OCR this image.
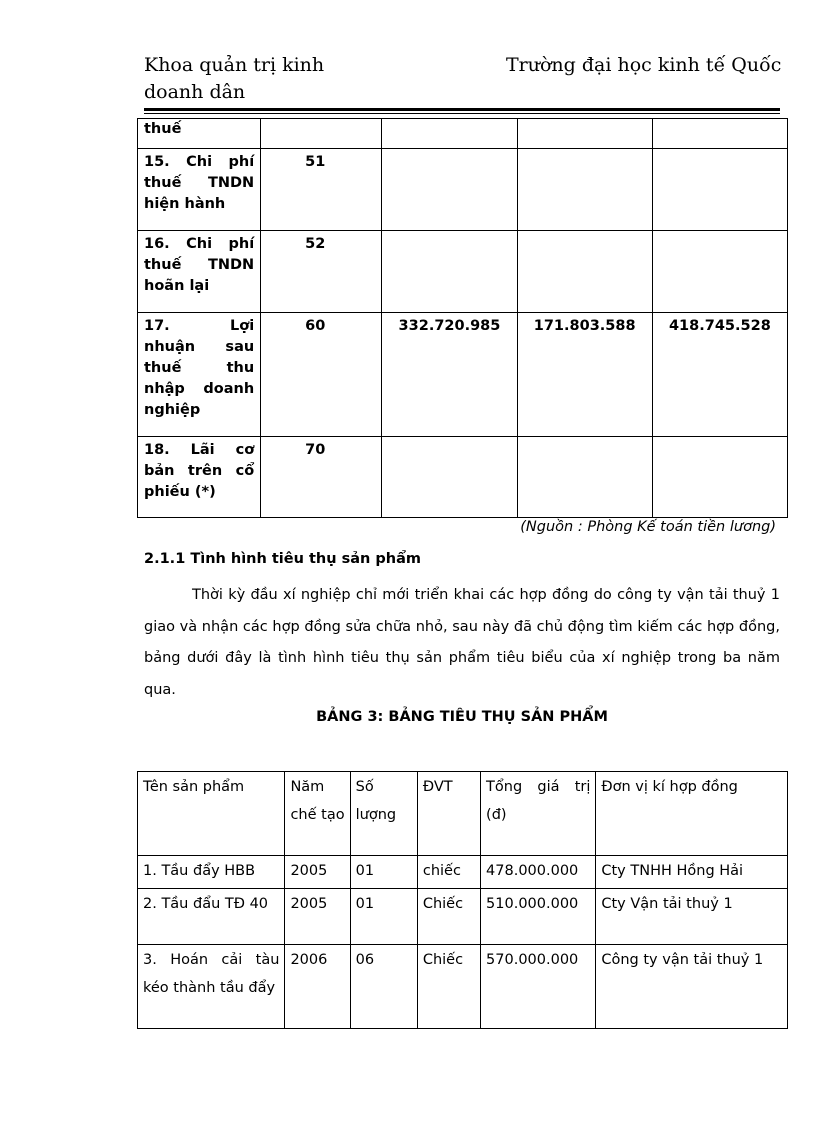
Khoa quản trị kinh doanh dân
Trường đại học kinh tế Quốc
thuế				
15. Chi phí thuế TNDN hiện hành	51			
16. Chi phí thuế TNDN hoãn lại	52			
17. Lợi nhuận sau thuế thu nhập doanh nghiệp	60	332.720.985	171.803.588	418.745.528
18. Lãi cơ bản trên cổ phiếu (*)	70			
(Nguồn : Phòng Kế toán tiền lương)
2.1.1 Tình hình tiêu thụ sản phẩm
Thời kỳ đầu xí nghiệp chỉ mới triển khai các hợp đồng do công ty vận tải thuỷ 1 giao và nhận các hợp đồng sửa chữa nhỏ, sau này đã chủ động tìm kiếm các hợp đồng, bảng dưới đây là tình hình tiêu thụ sản phẩm tiêu biểu của xí nghiệp trong ba năm qua.
BẢNG 3: BẢNG TIÊU THỤ SẢN PHẨM
Tên sản phẩm	Năm chế tạo	Số lượng	ĐVT	Tổng giá trị (đ)	Đơn vị kí hợp đồng
1. Tầu đẩy HBB	2005	01	chiếc	478.000.000	Cty TNHH Hồng Hải
2. Tầu đẩu TĐ 40	2005	01	Chiếc	510.000.000	Cty Vận tải thuỷ 1
3. Hoán cải tàu kéo thành tầu đẩy	2006	06	Chiếc	570.000.000	Công ty vận tải thuỷ 1
